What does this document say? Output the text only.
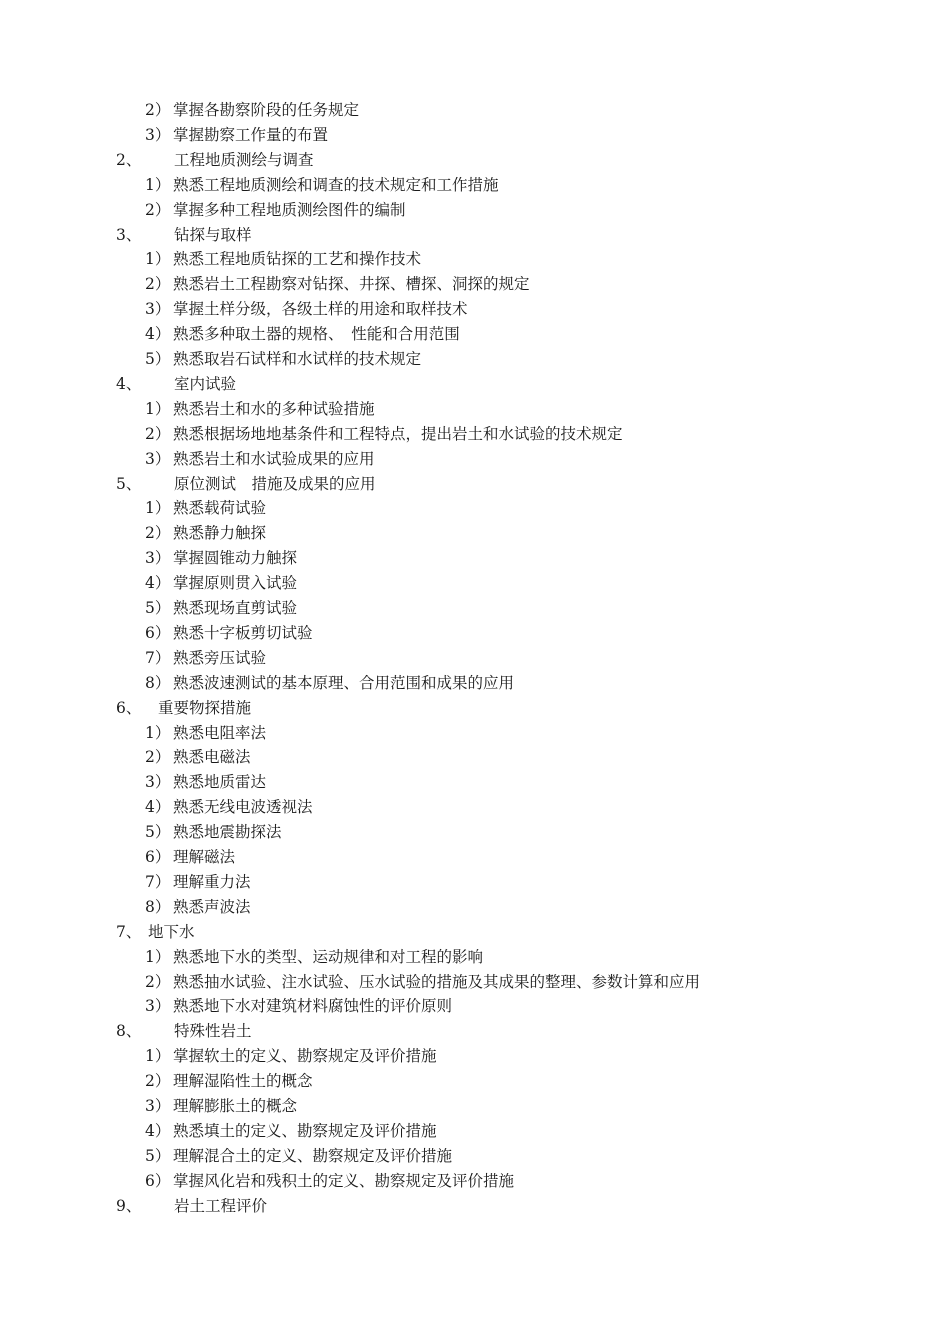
2） 掌握各勘察阶段的任务规定
3） 掌握勘察工作量的布置
2、 工程地质测绘与调查
1） 熟悉工程地质测绘和调查的技术规定和工作措施
2） 掌握多种工程地质测绘图件的编制
3、 钻探与取样
1） 熟悉工程地质钻探的工艺和操作技术
2） 熟悉岩土工程勘察对钻探、井探、槽探、洞探的规定
3） 掌握土样分级，各级土样的用途和取样技术
4） 熟悉多种取土器的规格、　性能和合用范围
5） 熟悉取岩石试样和水试样的技术规定
4、 室内试验
1） 熟悉岩土和水的多种试验措施
2） 熟悉根据场地地基条件和工程特点，提出岩土和水试验的技术规定
3） 熟悉岩土和水试验成果的应用
5、 原位测试　措施及成果的应用
1） 熟悉载荷试验
2） 熟悉静力触探
3） 掌握圆锥动力触探
4） 掌握原则贯入试验
5） 熟悉现场直剪试验
6） 熟悉十字板剪切试验
7） 熟悉旁压试验
8） 熟悉波速测试的基本原理、合用范围和成果的应用
6、 重要物探措施
1） 熟悉电阻率法
2） 熟悉电磁法
3） 熟悉地质雷达
4） 熟悉无线电波透视法
5） 熟悉地震勘探法
6） 理解磁法
7） 理解重力法
8） 熟悉声波法
7、 地下水
1） 熟悉地下水的类型、运动规律和对工程的影响
2） 熟悉抽水试验、注水试验、压水试验的措施及其成果的整理、参数计算和应用
3） 熟悉地下水对建筑材料腐蚀性的评价原则
8、 特殊性岩土
1） 掌握软土的定义、勘察规定及评价措施
2） 理解湿陷性土的概念
3） 理解膨胀土的概念
4） 熟悉填土的定义、勘察规定及评价措施
5） 理解混合土的定义、勘察规定及评价措施
6） 掌握风化岩和残积土的定义、勘察规定及评价措施
9、 岩土工程评价
